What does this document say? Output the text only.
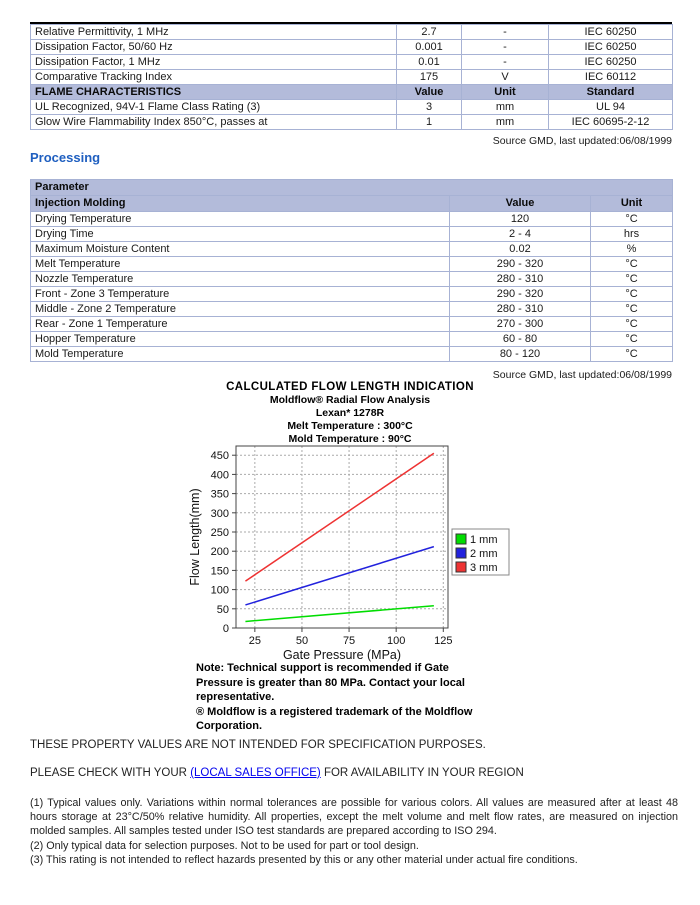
Relative Permittivity, 1 MHz	2.7	-	IEC 60250
Dissipation Factor, 50/60 Hz	0.001	-	IEC 60250
Dissipation Factor, 1 MHz	0.01	-	IEC 60250
Comparative Tracking Index	175	V	IEC 60112
FLAME CHARACTERISTICS	Value	Unit	Standard
UL Recognized, 94V-1 Flame Class Rating (3)	3	mm	UL 94
Glow Wire Flammability Index 850°C, passes at	1	mm	IEC 60695-2-12
Source GMD, last updated:06/08/1999
Processing
Parameter		
Injection Molding	Value	Unit
Drying Temperature	120	°C
Drying Time	2 - 4	hrs
Maximum Moisture Content	0.02	%
Melt Temperature	290 - 320	°C
Nozzle Temperature	280 - 310	°C
Front - Zone 3 Temperature	290 - 320	°C
Middle - Zone 2 Temperature	280 - 310	°C
Rear - Zone 1 Temperature	270 - 300	°C
Hopper Temperature	60 - 80	°C
Mold Temperature	80 - 120	°C
Source GMD, last updated:06/08/1999
CALCULATED FLOW LENGTH INDICATION
Moldflow® Radial Flow Analysis
Lexan* 1278R
Melt Temperature : 300°C
Mold Temperature : 90°C
25	50	75	100	125
0
50
100
150
200
250
300
350
400
450
Gate Pressure (MPa)
Flow Length(mm)	1 mm
2 mm
3 mm
Note: Technical support is recommended if Gate
Pressure is greater than 80 MPa. Contact your local
representative.
® Moldflow is a registered trademark of the Moldflow
Corporation.
THESE PROPERTY VALUES ARE NOT INTENDED FOR SPECIFICATION PURPOSES.
PLEASE CHECK WITH YOUR (LOCAL SALES OFFICE) FOR AVAILABILITY IN YOUR REGION
(1) Typical values only. Variations within normal tolerances are possible for various colors. All values are measured after at least 48 hours storage at 23°C/50% relative humidity. All properties, except the melt volume and melt flow rates, are measured on injection molded samples. All samples tested under ISO test standards are prepared according to ISO 294.
(2) Only typical data for selection purposes. Not to be used for part or tool design.
(3) This rating is not intended to reflect hazards presented by this or any other material under actual fire conditions.
